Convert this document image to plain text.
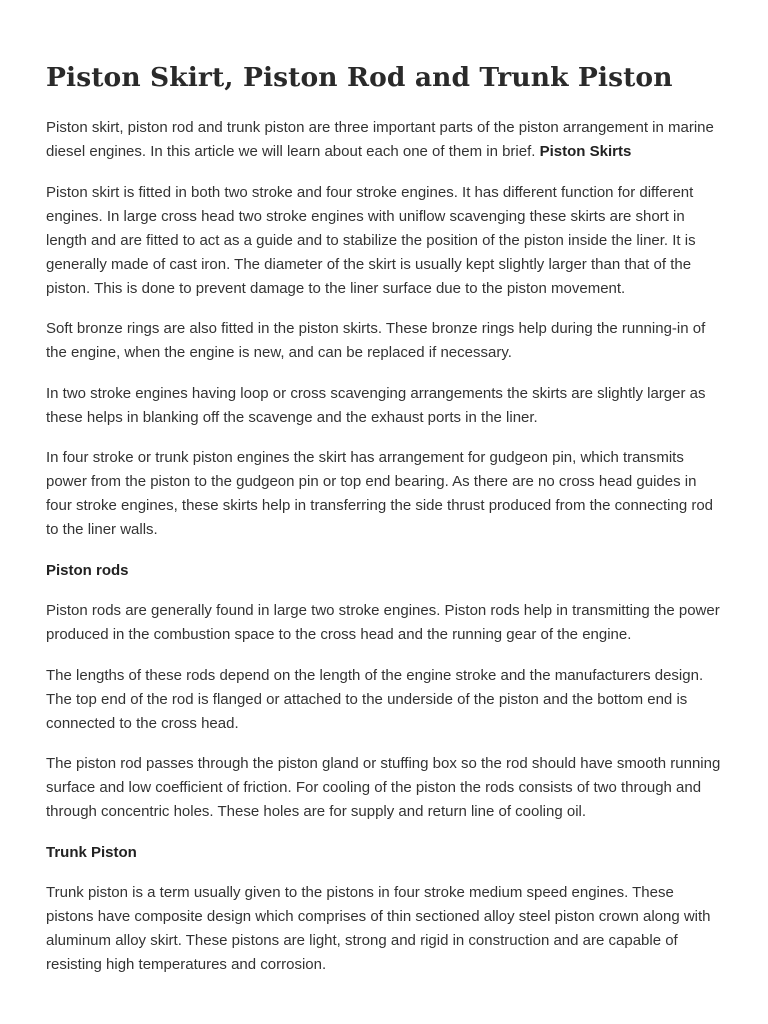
Piston Skirt, Piston Rod and Trunk Piston

Piston skirt, piston rod and trunk piston are three important parts of the piston arrangement in marine diesel engines. In this article we will learn about each one of them in brief. Piston Skirts

Piston skirt is fitted in both two stroke and four stroke engines. It has different function for different engines. In large cross head two stroke engines with uniflow scavenging these skirts are short in length and are fitted to act as a guide and to stabilize the position of the piston inside the liner. It is generally made of cast iron. The diameter of the skirt is usually kept slightly larger than that of the piston. This is done to prevent damage to the liner surface due to the piston movement.

Soft bronze rings are also fitted in the piston skirts. These bronze rings help during the running-in of the engine, when the engine is new, and can be replaced if necessary.

In two stroke engines having loop or cross scavenging arrangements the skirts are slightly larger as these helps in blanking off the scavenge and the exhaust ports in the liner.

In four stroke or trunk piston engines the skirt has arrangement for gudgeon pin, which transmits power from the piston to the gudgeon pin or top end bearing. As there are no cross head guides in four stroke engines, these skirts help in transferring the side thrust produced from the connecting rod to the liner walls.

Piston rods

Piston rods are generally found in large two stroke engines. Piston rods help in transmitting the power produced in the combustion space to the cross head and the running gear of the engine.

The lengths of these rods depend on the length of the engine stroke and the manufacturers design. The top end of the rod is flanged or attached to the underside of the piston and the bottom end is connected to the cross head.

The piston rod passes through the piston gland or stuffing box so the rod should have smooth running surface and low coefficient of friction. For cooling of the piston the rods consists of two through and through concentric holes. These holes are for supply and return line of cooling oil.

Trunk Piston

Trunk piston is a term usually given to the pistons in four stroke medium speed engines. These pistons have composite design which comprises of thin sectioned alloy steel piston crown along with aluminum alloy skirt. These pistons are light, strong and rigid in construction and are capable of resisting high temperatures and corrosion.
